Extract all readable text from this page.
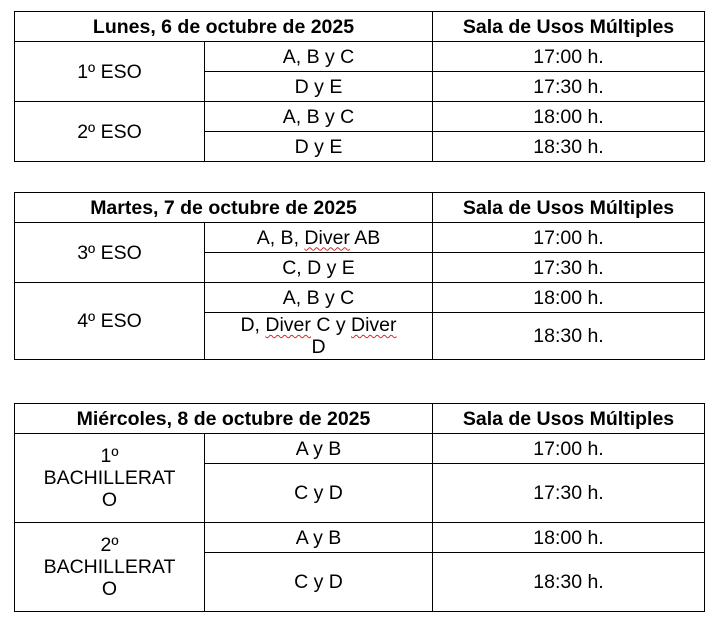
Lunes, 6 de octubre de 2025		Sala de Usos Múltiples
1º ESO	A, B y C	17:00 h.
	D y E	17:30 h.
2º ESO	A, B y C	18:00 h.
	D y E	18:30 h.
Martes, 7 de octubre de 2025		Sala de Usos Múltiples
3º ESO	A, B, Diver AB	17:00 h.
	C, D y E	17:30 h.
4º ESO	A, B y C	18:00 h.
	D, Diver C y Diver
D	18:30 h.
Miércoles, 8 de octubre de 2025		Sala de Usos Múltiples
1º
BACHILLERAT
O	A y B	17:00 h.
	C y D	17:30 h.
2º
BACHILLERAT
O	A y B	18:00 h.
	C y D	18:30 h.
